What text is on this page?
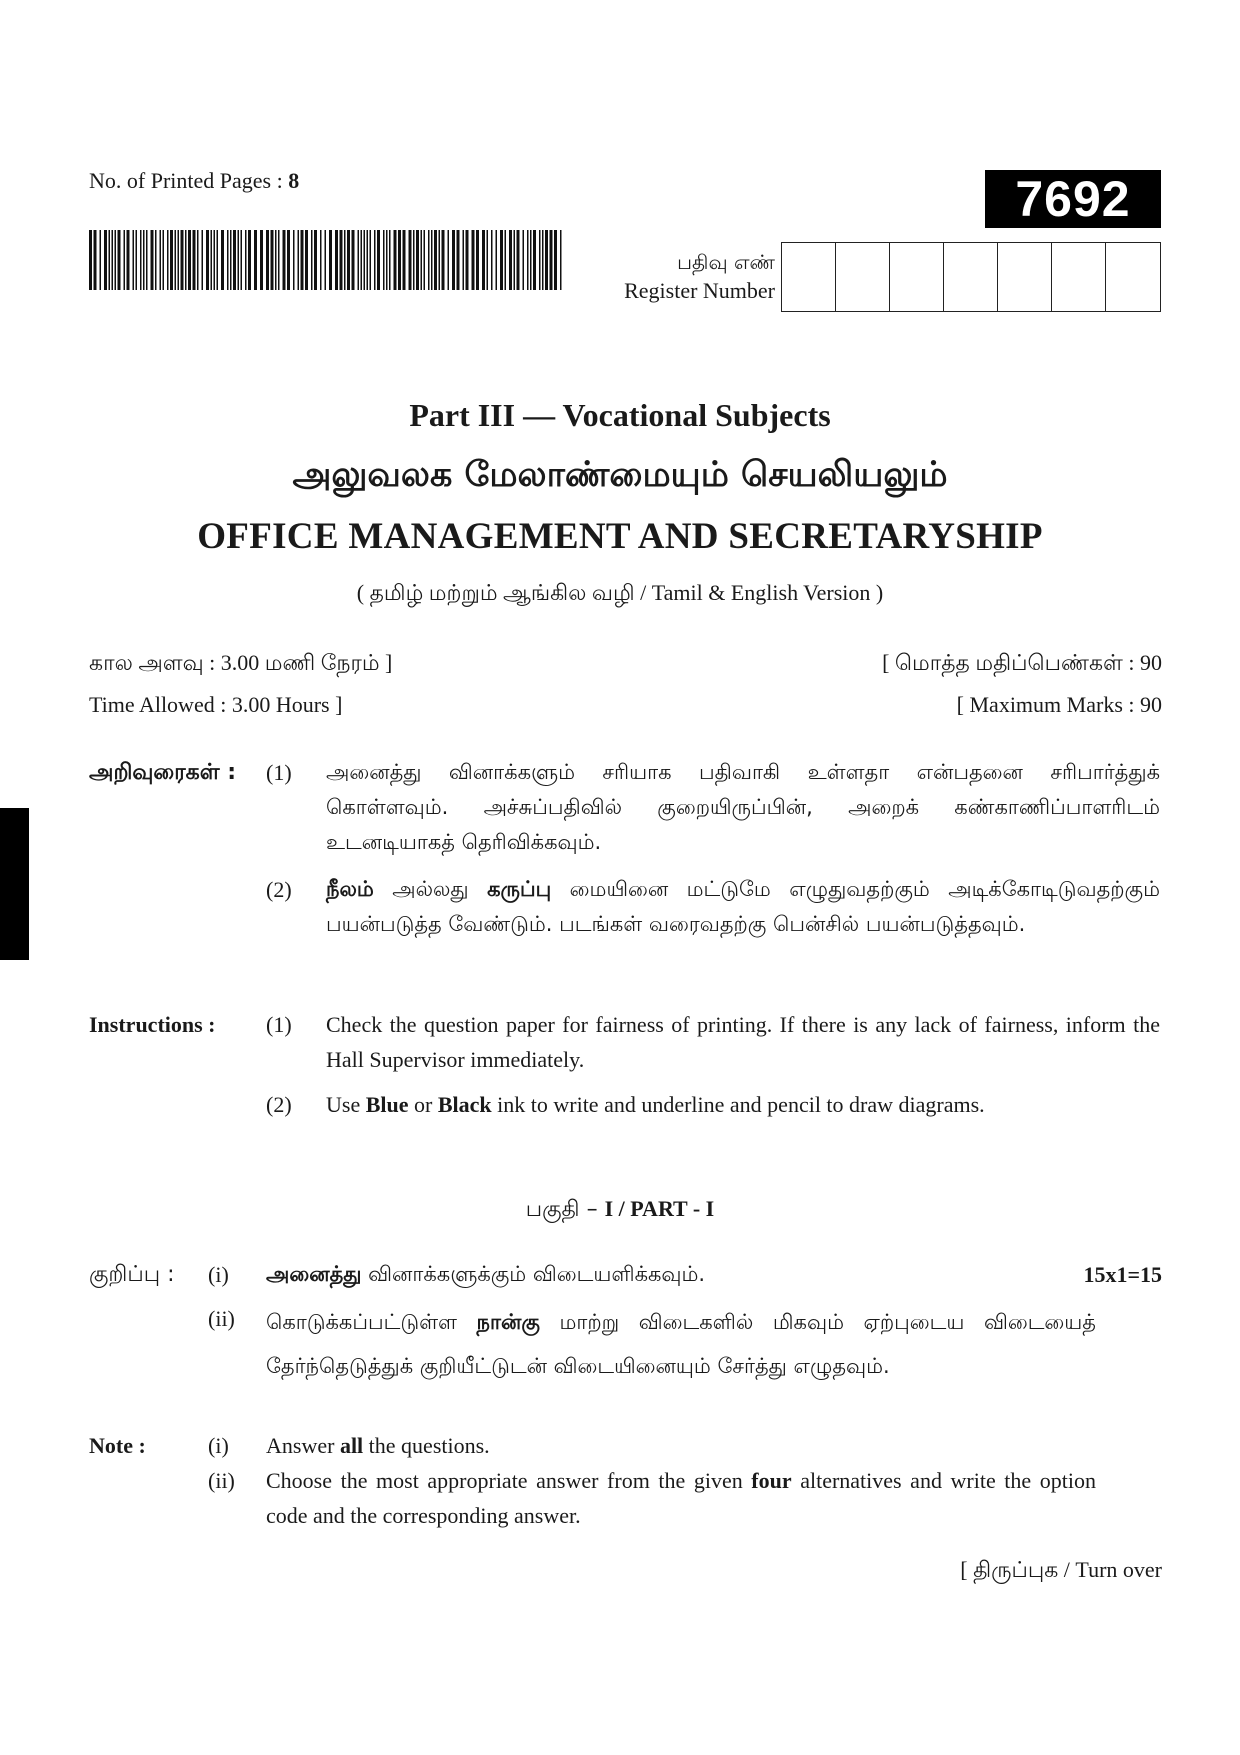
No. of Printed Pages : 8	7692
பதிவு எண்
Register Number
Part III — Vocational Subjects
அலுவலக மேலாண்மையும் செயலியலும்
OFFICE MANAGEMENT AND SECRETARYSHIP
( தமிழ் மற்றும் ஆங்கில வழி / Tamil & English Version )
கால அளவு : 3.00 மணி நேரம் ]	[ மொத்த மதிப்பெண்கள் : 90
Time Allowed : 3.00 Hours ]	[ Maximum Marks : 90
அறிவுரைகள் : (1) அனைத்து வினாக்களும் சரியாக பதிவாகி உள்ளதா என்பதனை சரிபார்த்துக் கொள்ளவும். அச்சுப்பதிவில் குறையிருப்பின், அறைக் கண்காணிப்பாளரிடம் உடனடியாகத் தெரிவிக்கவும்.
(2) நீலம் அல்லது கருப்பு மையினை மட்டுமே எழுதுவதற்கும் அடிக்கோடிடுவதற்கும் பயன்படுத்த வேண்டும். படங்கள் வரைவதற்கு பென்சில் பயன்படுத்தவும்.
Instructions : (1) Check the question paper for fairness of printing. If there is any lack of fairness, inform the Hall Supervisor immediately.
(2) Use Blue or Black ink to write and underline and pencil to draw diagrams.
பகுதி – I / PART - I
குறிப்பு : (i) அனைத்து வினாக்களுக்கும் விடையளிக்கவும்.	15x1=15
(ii) கொடுக்கப்பட்டுள்ள நான்கு மாற்று விடைகளில் மிகவும் ஏற்புடைய விடையைத் தேர்ந்தெடுத்துக் குறியீட்டுடன் விடையினையும் சேர்த்து எழுதவும்.
Note :	(i) Answer all the questions.
(ii) Choose the most appropriate answer from the given four alternatives and write the option code and the corresponding answer.
[ திருப்புக / Turn over
